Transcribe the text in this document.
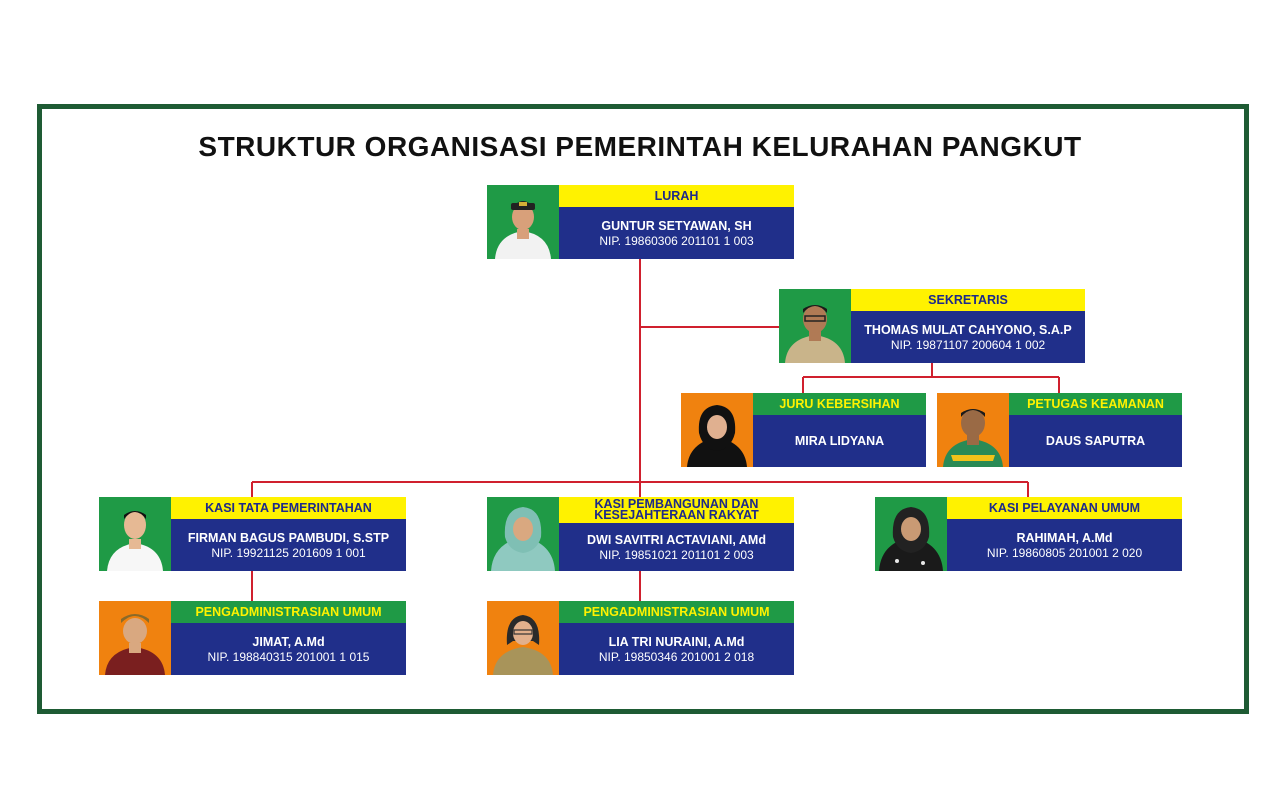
STRUKTUR ORGANISASI PEMERINTAH KELURAHAN PANGKUT
LURAH
GUNTUR SETYAWAN, SH
NIP. 19860306 201101 1 003
SEKRETARIS
THOMAS MULAT CAHYONO, S.A.P
NIP. 19871107 200604 1 002
JURU KEBERSIHAN
MIRA LIDYANA
PETUGAS KEAMANAN
DAUS SAPUTRA
KASI TATA PEMERINTAHAN
FIRMAN BAGUS PAMBUDI, S.STP
NIP. 19921125 201609 1 001
KASI PEMBANGUNAN DAN
KESEJAHTERAAN RAKYAT
DWI SAVITRI ACTAVIANI, AMd
NIP. 19851021 201101 2 003
KASI PELAYANAN UMUM
RAHIMAH, A.Md
NIP. 19860805 201001 2 020
PENGADMINISTRASIAN UMUM
JIMAT, A.Md
NIP. 198840315 201001 1 015
PENGADMINISTRASIAN UMUM
LIA TRI NURAINI, A.Md
NIP. 19850346 201001 2 018
